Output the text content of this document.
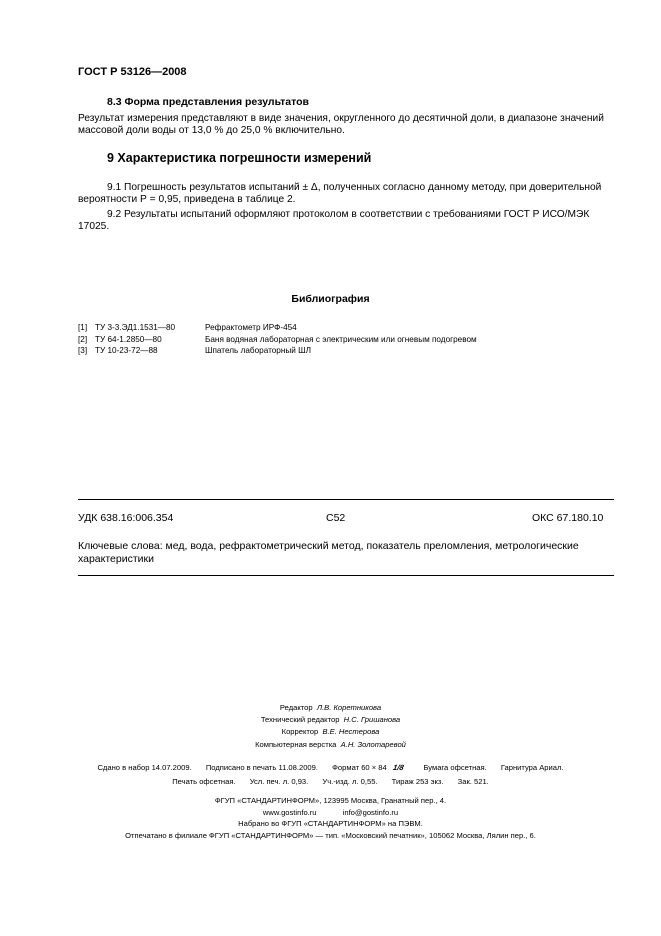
ГОСТ Р 53126—2008
8.3 Форма представления результатов
Результат измерения представляют в виде значения, округленного до десятичной доли, в диапазоне значений массовой доли воды от 13,0 % до 25,0 % включительно.
9 Характеристика погрешности измерений
9.1 Погрешность результатов испытаний ± Δ, полученных согласно данному методу, при доверительной вероятности Р = 0,95, приведена в таблице 2.
9.2 Результаты испытаний оформляют протоколом в соответствии с требованиями ГОСТ Р ИСО/МЭК 17025.
Библиография
[1] ТУ 3-3.ЭД1.1531—80	Рефрактометр ИРФ-454
[2] ТУ 64-1.2850—80	Баня водяная лабораторная с электрическим или огневым подогревом
[3] ТУ 10-23-72—88	Шпатель лабораторный ШЛ
УДК 638.16:006.354	С52	ОКС 67.180.10
Ключевые слова: мед, вода, рефрактометрический метод, показатель преломления, метрологические характеристики
Редактор Л.В. Коретникова
Технический редактор Н.С. Гришанова
Корректор В.Е. Нестерова
Компьютерная верстка А.Н. Золотаревой
Сдано в набор 14.07.2009. Подписано в печать 11.08.2009. Формат 60 × 84 1/8	Бумага офсетная. Гарнитура Ариал.
Печать офсетная. Усл. печ. л. 0,93. Уч.-изд. л. 0,55. Тираж 253 экз. Зак. 521.
ФГУП «СТАНДАРТИНФОРМ», 123995 Москва, Гранатный пер., 4.
www.gostinfo.ru	info@gostinfo.ru
Набрано во ФГУП «СТАНДАРТИНФОРМ» на ПЭВМ.
Отпечатано в филиале ФГУП «СТАНДАРТИНФОРМ» — тип. «Московский печатник», 105062 Москва, Лялин пер., 6.
